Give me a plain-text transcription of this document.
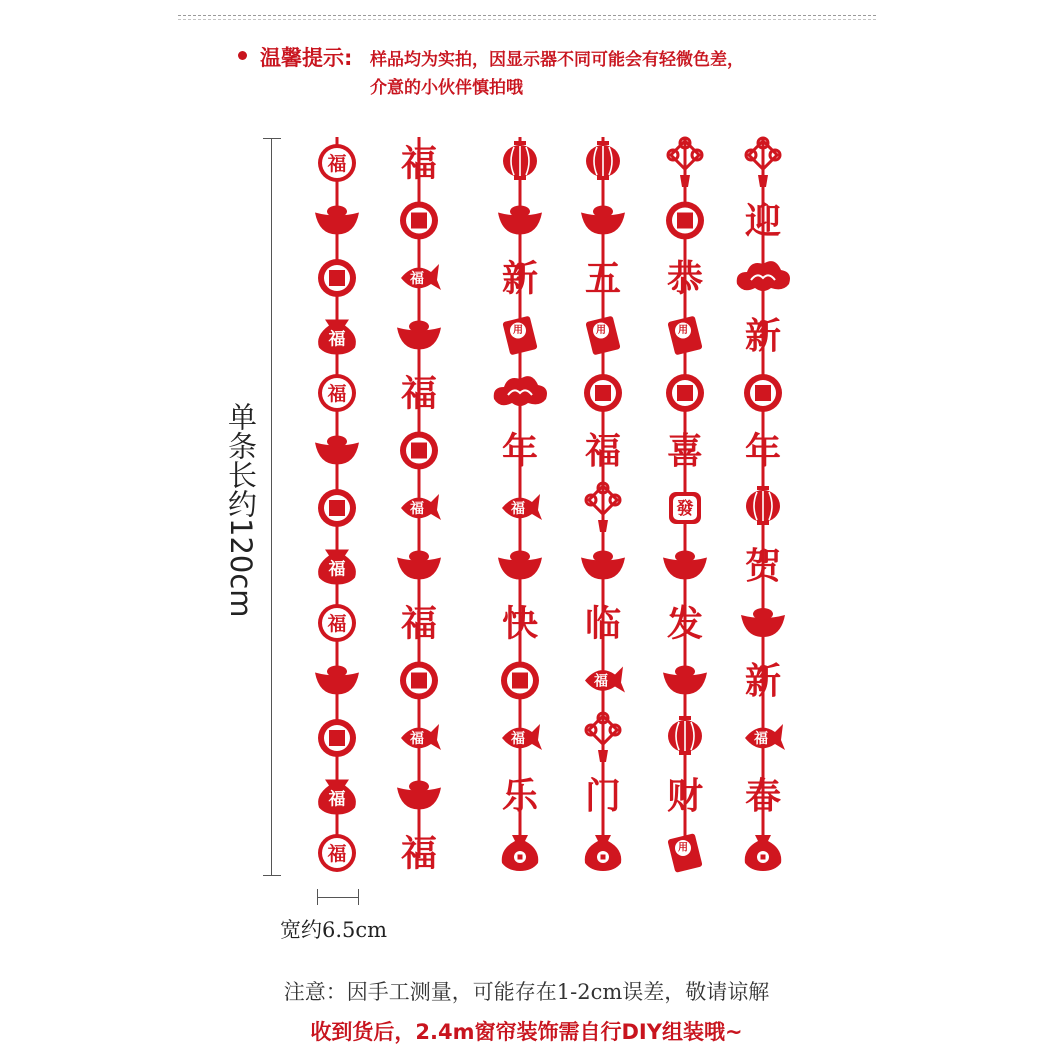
温馨提示: 样品均为实拍，因显示器不同可能会有轻微色差，
介意的小伙伴慎拍哦
单条长约120cm
福
福
福
福
福
福
福
福
福
福
福
福
福
福
新
用
年
福
快
福
乐
五
用
福
临
福
门
恭
用
喜
發
发
财
用
迎
新
年
贺
新
福
春
宽约6.5cm
注意：因手工测量，可能存在1-2cm误差，敬请谅解
收到货后，2.4m窗帘装饰需自行DIY组装哦~
